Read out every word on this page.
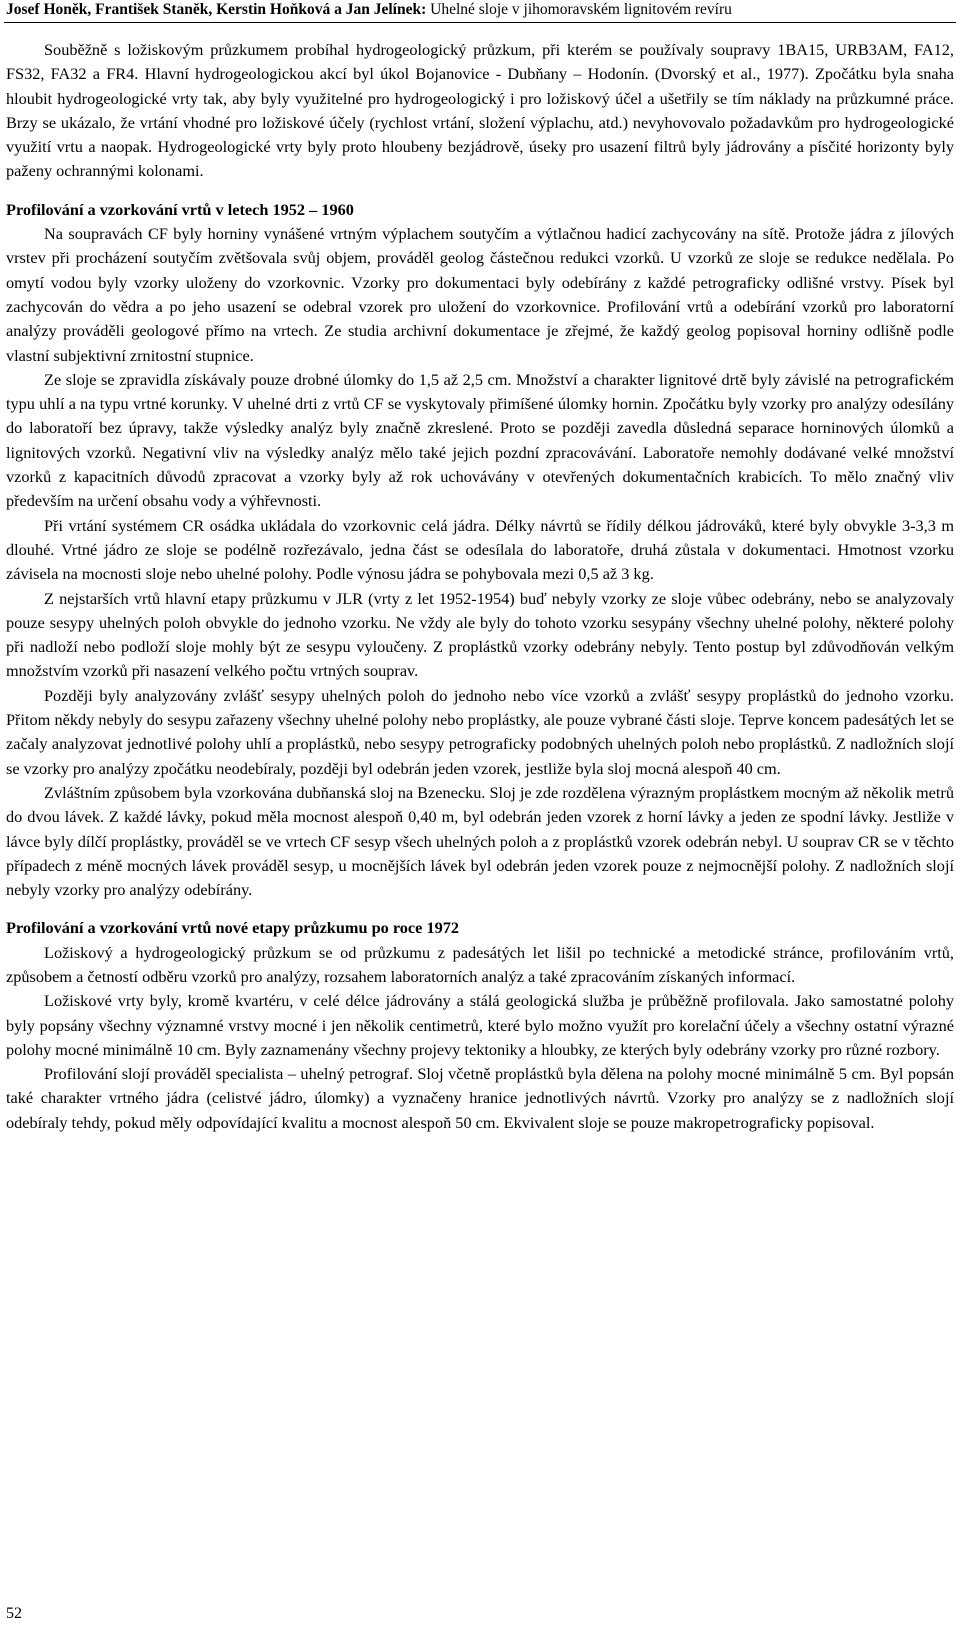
Josef Honěk, František Staněk, Kerstin Hoňková a Jan Jelínek: Uhelné sloje v jihomoravském lignitovém revíru

Souběžně s ložiskovým průzkumem probíhal hydrogeologický průzkum, při kterém se používaly soupravy 1BA15, URB3AM, FA12, FS32, FA32 a FR4. Hlavní hydrogeologickou akcí byl úkol Bojanovice - Dubňany – Hodonín. (Dvorský et al., 1977). Zpočátku byla snaha hloubit hydrogeologické vrty tak, aby byly využitelné pro hydrogeologický i pro ložiskový účel a ušetřily se tím náklady na průzkumné práce. Brzy se ukázalo, že vrtání vhodné pro ložiskové účely (rychlost vrtání, složení výplachu, atd.) nevyhovovalo požadavkům pro hydrogeologické využití vrtu a naopak. Hydrogeologické vrty byly proto hloubeny bezjádrově, úseky pro usazení filtrů byly jádrovány a písčité horizonty byly paženy ochrannými kolonami.

Profilování a vzorkování vrtů v letech 1952 – 1960

Na soupravách CF byly horniny vynášené vrtným výplachem soutyčím a výtlačnou hadicí zachycovány na sítě. Protože jádra z jílových vrstev při procházení soutyčím zvětšovala svůj objem, prováděl geolog částečnou redukci vzorků. U vzorků ze sloje se redukce nedělala. Po omytí vodou byly vzorky uloženy do vzorkovnic. Vzorky pro dokumentaci byly odebírány z každé petrograficky odlišné vrstvy. Písek byl zachycován do vědra a po jeho usazení se odebral vzorek pro uložení do vzorkovnice. Profilování vrtů a odebírání vzorků pro laboratorní analýzy prováděli geologové přímo na vrtech. Ze studia archivní dokumentace je zřejmé, že každý geolog popisoval horniny odlišně podle vlastní subjektivní zrnitostní stupnice.

Ze sloje se zpravidla získávaly pouze drobné úlomky do 1,5 až 2,5 cm. Množství a charakter lignitové drtě byly závislé na petrografickém typu uhlí a na typu vrtné korunky. V uhelné drti z vrtů CF se vyskytovaly přimíšené úlomky hornin. Zpočátku byly vzorky pro analýzy odesílány do laboratoří bez úpravy, takže výsledky analýz byly značně zkreslené. Proto se později zavedla důsledná separace horninových úlomků a lignitových vzorků. Negativní vliv na výsledky analýz mělo také jejich pozdní zpracovávání. Laboratoře nemohly dodávané velké množství vzorků z kapacitních důvodů zpracovat a vzorky byly až rok uchovávány v otevřených dokumentačních krabicích. To mělo značný vliv především na určení obsahu vody a výhřevnosti.

Při vrtání systémem CR osádka ukládala do vzorkovnic celá jádra. Délky návrtů se řídily délkou jádrováků, které byly obvykle 3-3,3 m dlouhé. Vrtné jádro ze sloje se podélně rozřezávalo, jedna část se odesílala do laboratoře, druhá zůstala v dokumentaci. Hmotnost vzorku závisela na mocnosti sloje nebo uhelné polohy. Podle výnosu jádra se pohybovala mezi 0,5 až 3 kg.

Z nejstarších vrtů hlavní etapy průzkumu v JLR (vrty z let 1952-1954) buď nebyly vzorky ze sloje vůbec odebrány, nebo se analyzovaly pouze sesypy uhelných poloh obvykle do jednoho vzorku. Ne vždy ale byly do tohoto vzorku sesypány všechny uhelné polohy, některé polohy při nadloží nebo podloží sloje mohly být ze sesypu vyloučeny. Z proplástků vzorky odebrány nebyly. Tento postup byl zdůvodňován velkým množstvím vzorků při nasazení velkého počtu vrtných souprav.

Později byly analyzovány zvlášť sesypy uhelných poloh do jednoho nebo více vzorků a zvlášť sesypy proplástků do jednoho vzorku. Přitom někdy nebyly do sesypu zařazeny všechny uhelné polohy nebo proplástky, ale pouze vybrané části sloje. Teprve koncem padesátých let se začaly analyzovat jednotlivé polohy uhlí a proplástků, nebo sesypy petrograficky podobných uhelných poloh nebo proplástků. Z nadložních slojí se vzorky pro analýzy zpočátku neodebíraly, později byl odebrán jeden vzorek, jestliže byla sloj mocná alespoň 40 cm.

Zvláštním způsobem byla vzorkována dubňanská sloj na Bzenecku. Sloj je zde rozdělena výrazným proplástkem mocným až několik metrů do dvou lávek. Z každé lávky, pokud měla mocnost alespoň 0,40 m, byl odebrán jeden vzorek z horní lávky a jeden ze spodní lávky. Jestliže v lávce byly dílčí proplástky, prováděl se ve vrtech CF sesyp všech uhelných poloh a z proplástků vzorek odebrán nebyl. U souprav CR se v těchto případech z méně mocných lávek prováděl sesyp, u mocnějších lávek byl odebrán jeden vzorek pouze z nejmocnější polohy. Z nadložních slojí nebyly vzorky pro analýzy odebírány.

Profilování a vzorkování vrtů nové etapy průzkumu po roce 1972

Ložiskový a hydrogeologický průzkum se od průzkumu z padesátých let lišil po technické a metodické stránce, profilováním vrtů, způsobem a četností odběru vzorků pro analýzy, rozsahem laboratorních analýz a také zpracováním získaných informací.

Ložiskové vrty byly, kromě kvartéru, v celé délce jádrovány a stálá geologická služba je průběžně profilovala. Jako samostatné polohy byly popsány všechny významné vrstvy mocné i jen několik centimetrů, které bylo možno využít pro korelační účely a všechny ostatní výrazné polohy mocné minimálně 10 cm. Byly zaznamenány všechny projevy tektoniky a hloubky, ze kterých byly odebrány vzorky pro různé rozbory.

Profilování slojí prováděl specialista – uhelný petrograf. Sloj včetně proplástků byla dělena na polohy mocné minimálně 5 cm. Byl popsán také charakter vrtného jádra (celistvé jádro, úlomky) a vyznačeny hranice jednotlivých návrtů. Vzorky pro analýzy se z nadložních slojí odebíraly tehdy, pokud měly odpovídající kvalitu a mocnost alespoň 50 cm. Ekvivalent sloje se pouze makropetrograficky popisoval.

52
